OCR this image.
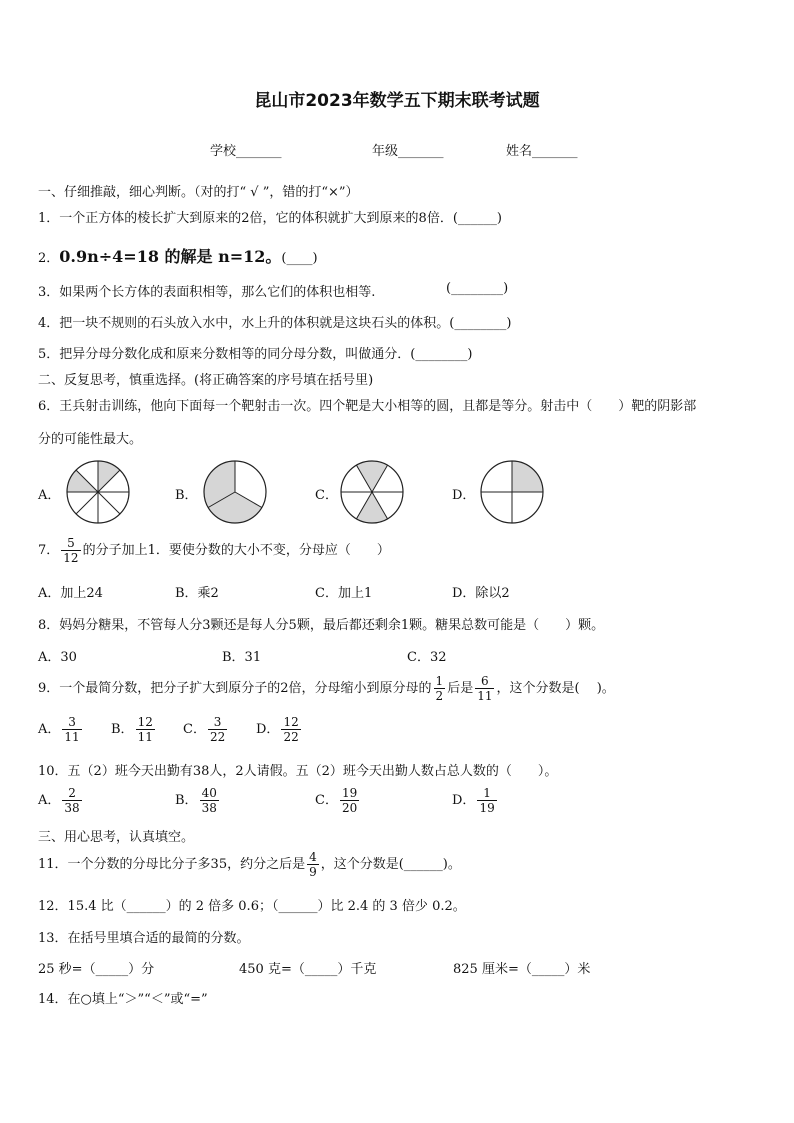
昆山市2023年数学五下期末联考试题
学校_______	年级_______	姓名_______
一、仔细推敲，细心判断。（对的打“ √ ”，错的打“×”）
1．一个正方体的棱长扩大到原来的2倍，它的体积就扩大到原来的8倍．(______)
2．0.9n÷4=18 的解是 n=12。(____)
3．如果两个长方体的表面积相等，那么它们的体积也相等.	(________)
4．把一块不规则的石头放入水中，水上升的体积就是这块石头的体积。(________)
5．把异分母分数化成和原来分数相等的同分母分数，叫做通分．(________)
二、反复思考，慎重选择。(将正确答案的序号填在括号里)
6．王兵射击训练，他向下面每一个靶射击一次。四个靶是大小相等的圆，且都是等分。射击中（　　）靶的阴影部
分的可能性最大。
A．	B．	C．	D．
7． $\frac{5}{12}$ 的分子加上1．要使分数的大小不变，分母应（　　）
A．加上24	B．乘2	C．加上1	D．除以2
8．妈妈分糖果，不管每人分3颗还是每人分5颗，最后都还剩余1颗。糖果总数可能是（　　）颗。
A．30	B．31	C．32
9．一个最简分数，把分子扩大到原分子的2倍，分母缩小到原分母的 $\frac{1}{2}$ 后是 $\frac{6}{11}$ ，这个分数是(　 )。
A． $\frac{3}{11}$ B． $\frac{12}{11}$ C． $\frac{3}{22}$ D． $\frac{12}{22}$
10．五（2）班今天出勤有38人，2人请假。五（2）班今天出勤人数占总人数的（　　）。
A． $\frac{2}{38}$	B． $\frac{40}{38}$	C． $\frac{19}{20}$	D． $\frac{1}{19}$
三、用心思考，认真填空。
11．一个分数的分母比分子多35，约分之后是 $\frac{4}{9}$ ，这个分数是(______)。
12．15.4 比（______）的 2 倍多 0.6；（______）比 2.4 的 3 倍少 0.2。
13．在括号里填合适的最简的分数。
25 秒=（_____）分	450 克=（_____）千克	825 厘米=（_____）米
14．在○填上“＞”“＜”或“=”
